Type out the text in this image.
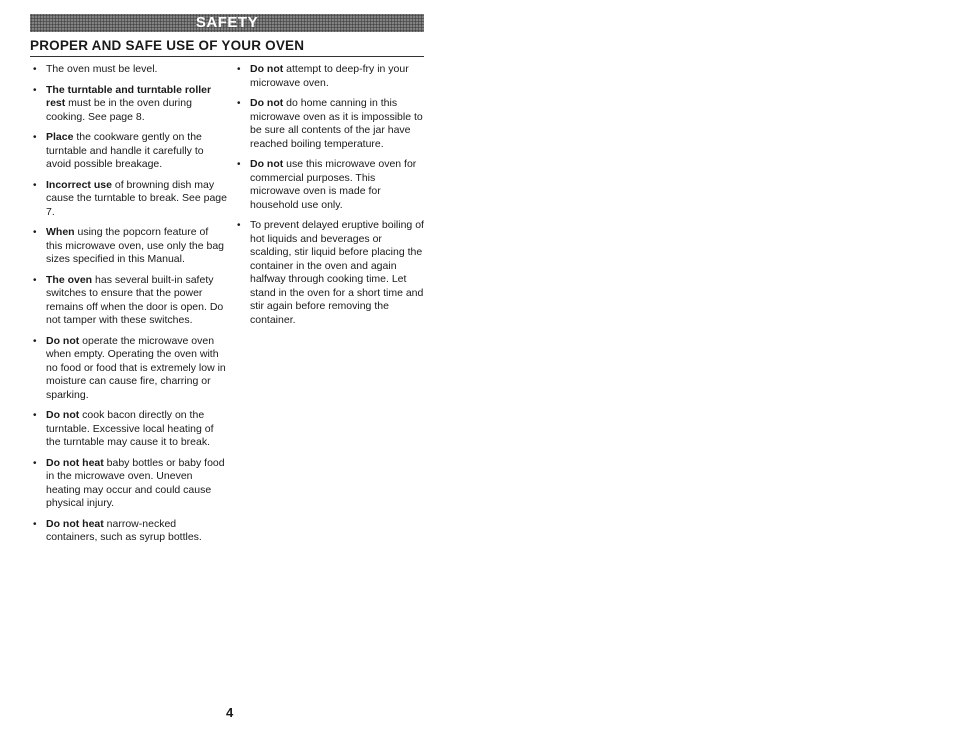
SAFETY
PROPER AND SAFE USE OF YOUR OVEN
• The oven must be level.
• The turntable and turntable roller rest must be in the oven during cooking. See page 8.
• Place the cookware gently on the turntable and handle it carefully to avoid possible breakage.
• Incorrect use of browning dish may cause the turntable to break. See page 7.
• When using the popcorn feature of this microwave oven, use only the bag sizes specified in this Manual.
• The oven has several built-in safety switches to ensure that the power remains off when the door is open. Do not tamper with these switches.
• Do not operate the microwave oven when empty. Operating the oven with no food or food that is extremely low in moisture can cause fire, charring or sparking.
• Do not cook bacon directly on the turntable. Excessive local heating of the turntable may cause it to break.
• Do not heat baby bottles or baby food in the microwave oven. Uneven heating may occur and could cause physical injury.
• Do not heat narrow-necked containers, such as syrup bottles.
• Do not attempt to deep-fry in your microwave oven.
• Do not do home canning in this microwave oven as it is impossible to be sure all contents of the jar have reached boiling temperature.
• Do not use this microwave oven for commercial purposes. This microwave oven is made for household use only.
• To prevent delayed eruptive boiling of hot liquids and beverages or scalding, stir liquid before placing the container in the oven and again halfway through cooking time. Let stand in the oven for a short time and stir again before removing the container.
4
